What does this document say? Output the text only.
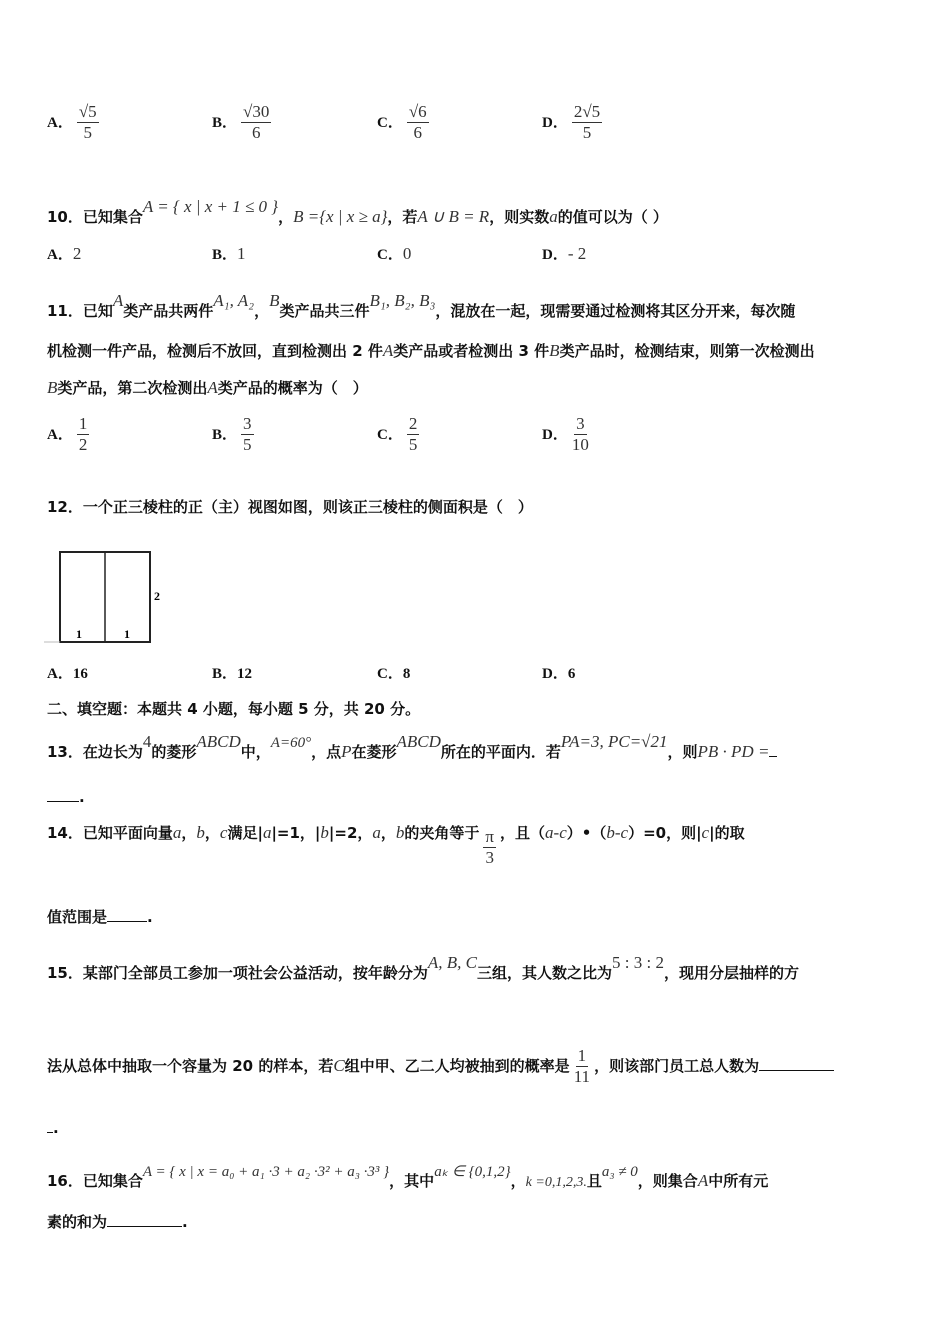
A． $\frac{√5}{5}$	B． $\frac{√30}{6}$	C． $\frac{√6}{6}$	D． $\frac{2√5}{5}$
10．已知集合A = { x | x + 1 ≤ 0 }，B ={x | x ≥ a}，若A ∪ B = R，则实数a的值可以为（ ）
A．2	B．1	C．0	D．- 2
11．已知A类产品共两件A₁, A₂，B类产品共三件B₁, B₂, B₃，混放在一起，现需要通过检测将其区分开来，每次随
机检测一件产品，检测后不放回，直到检测出 2 件A类产品或者检测出 3 件B类产品时，检测结束，则第一次检测出
B类产品，第二次检测出A类产品的概率为（　）
A． $\frac{1}{2}$	B． $\frac{3}{5}$	C． $\frac{2}{5}$	D． $\frac{3}{10}$
12．一个正三棱柱的正（主）视图如图，则该正三棱柱的侧面积是（　）
1	1
2
A．16	B．12	C．8	D．6
二、填空题：本题共 4 小题，每小题 5 分，共 20 分。
13．在边长为4的菱形ABCD中，A=60°，点P在菱形ABCD所在的平面内．若PA=3, PC=√21，则PB · PD =
.
14．已知平面向量a，b，c满足|a|=1，|b|=2，a，b的夹角等于 $\frac{\pi}{3}$ ，且（a-c）•（b-c）=0，则|c|的取
值范围是	.
15．某部门全部员工参加一项社会公益活动，按年龄分为A, B, C三组，其人数之比为5 : 3 : 2，现用分层抽样的方
法从总体中抽取一个容量为 20 的样本，若C组中甲、乙二人均被抽到的概率是 $\frac{1}{11}$ ，则该部门员工总人数为
.
16．已知集合A = { x | x = a₀ + a₁ ·3 + a₂ ·3² + a₃ ·3³ }，其中aₖ ∈ {0,1,2}，k =0,1,2,3.且a₃ ≠ 0，则集合A中所有元
素的和为	.
